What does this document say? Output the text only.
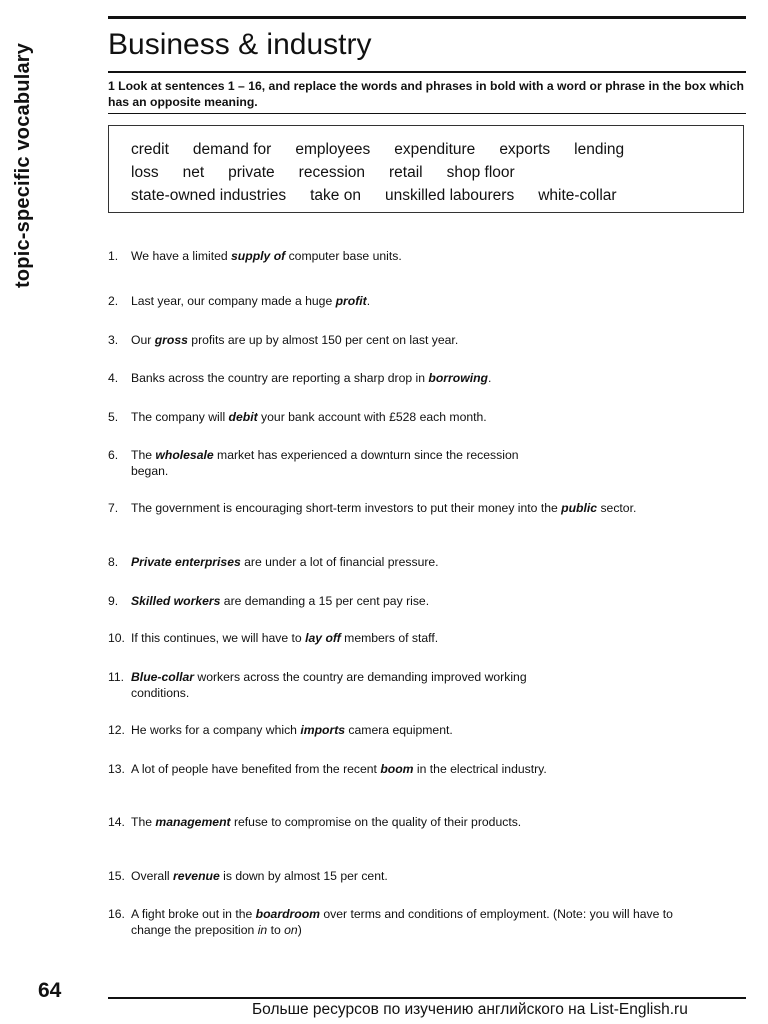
topic-specific vocabulary Business & industry
1 Look at sentences 1 – 16, and replace the words and phrases in bold with a word or phrase in the box which has an opposite meaning.
credit demand for employees expenditure exports lending
loss net private recession retail shop floor
state-owned industries take on unskilled labourers white-collar
1.	We have a limited supply of computer base units.
2.	Last year, our company made a huge profit.
3.	Our gross profits are up by almost 150 per cent on last year.
4.	Banks across the country are reporting a sharp drop in borrowing.
5.	The company will debit your bank account with £528 each month.
6.	The wholesale market has experienced a downturn since the recession began.
7.	The government is encouraging short-term investors to put their money into the public sector.
8.	Private enterprises are under a lot of financial pressure.
9.	Skilled workers are demanding a 15 per cent pay rise.
10. If this continues, we will have to lay off members of staff.
11. Blue-collar workers across the country are demanding improved working conditions.
12. He works for a company which imports camera equipment.
13. A lot of people have benefited from the recent boom in the electrical industry.
14. The management refuse to compromise on the quality of their products.
15. Overall revenue is down by almost 15 per cent.
16. A fight broke out in the boardroom over terms and conditions of employment. (Note: you will have to change the preposition in to on)
64
Больше ресурсов по изучению английского на List-English.ru
